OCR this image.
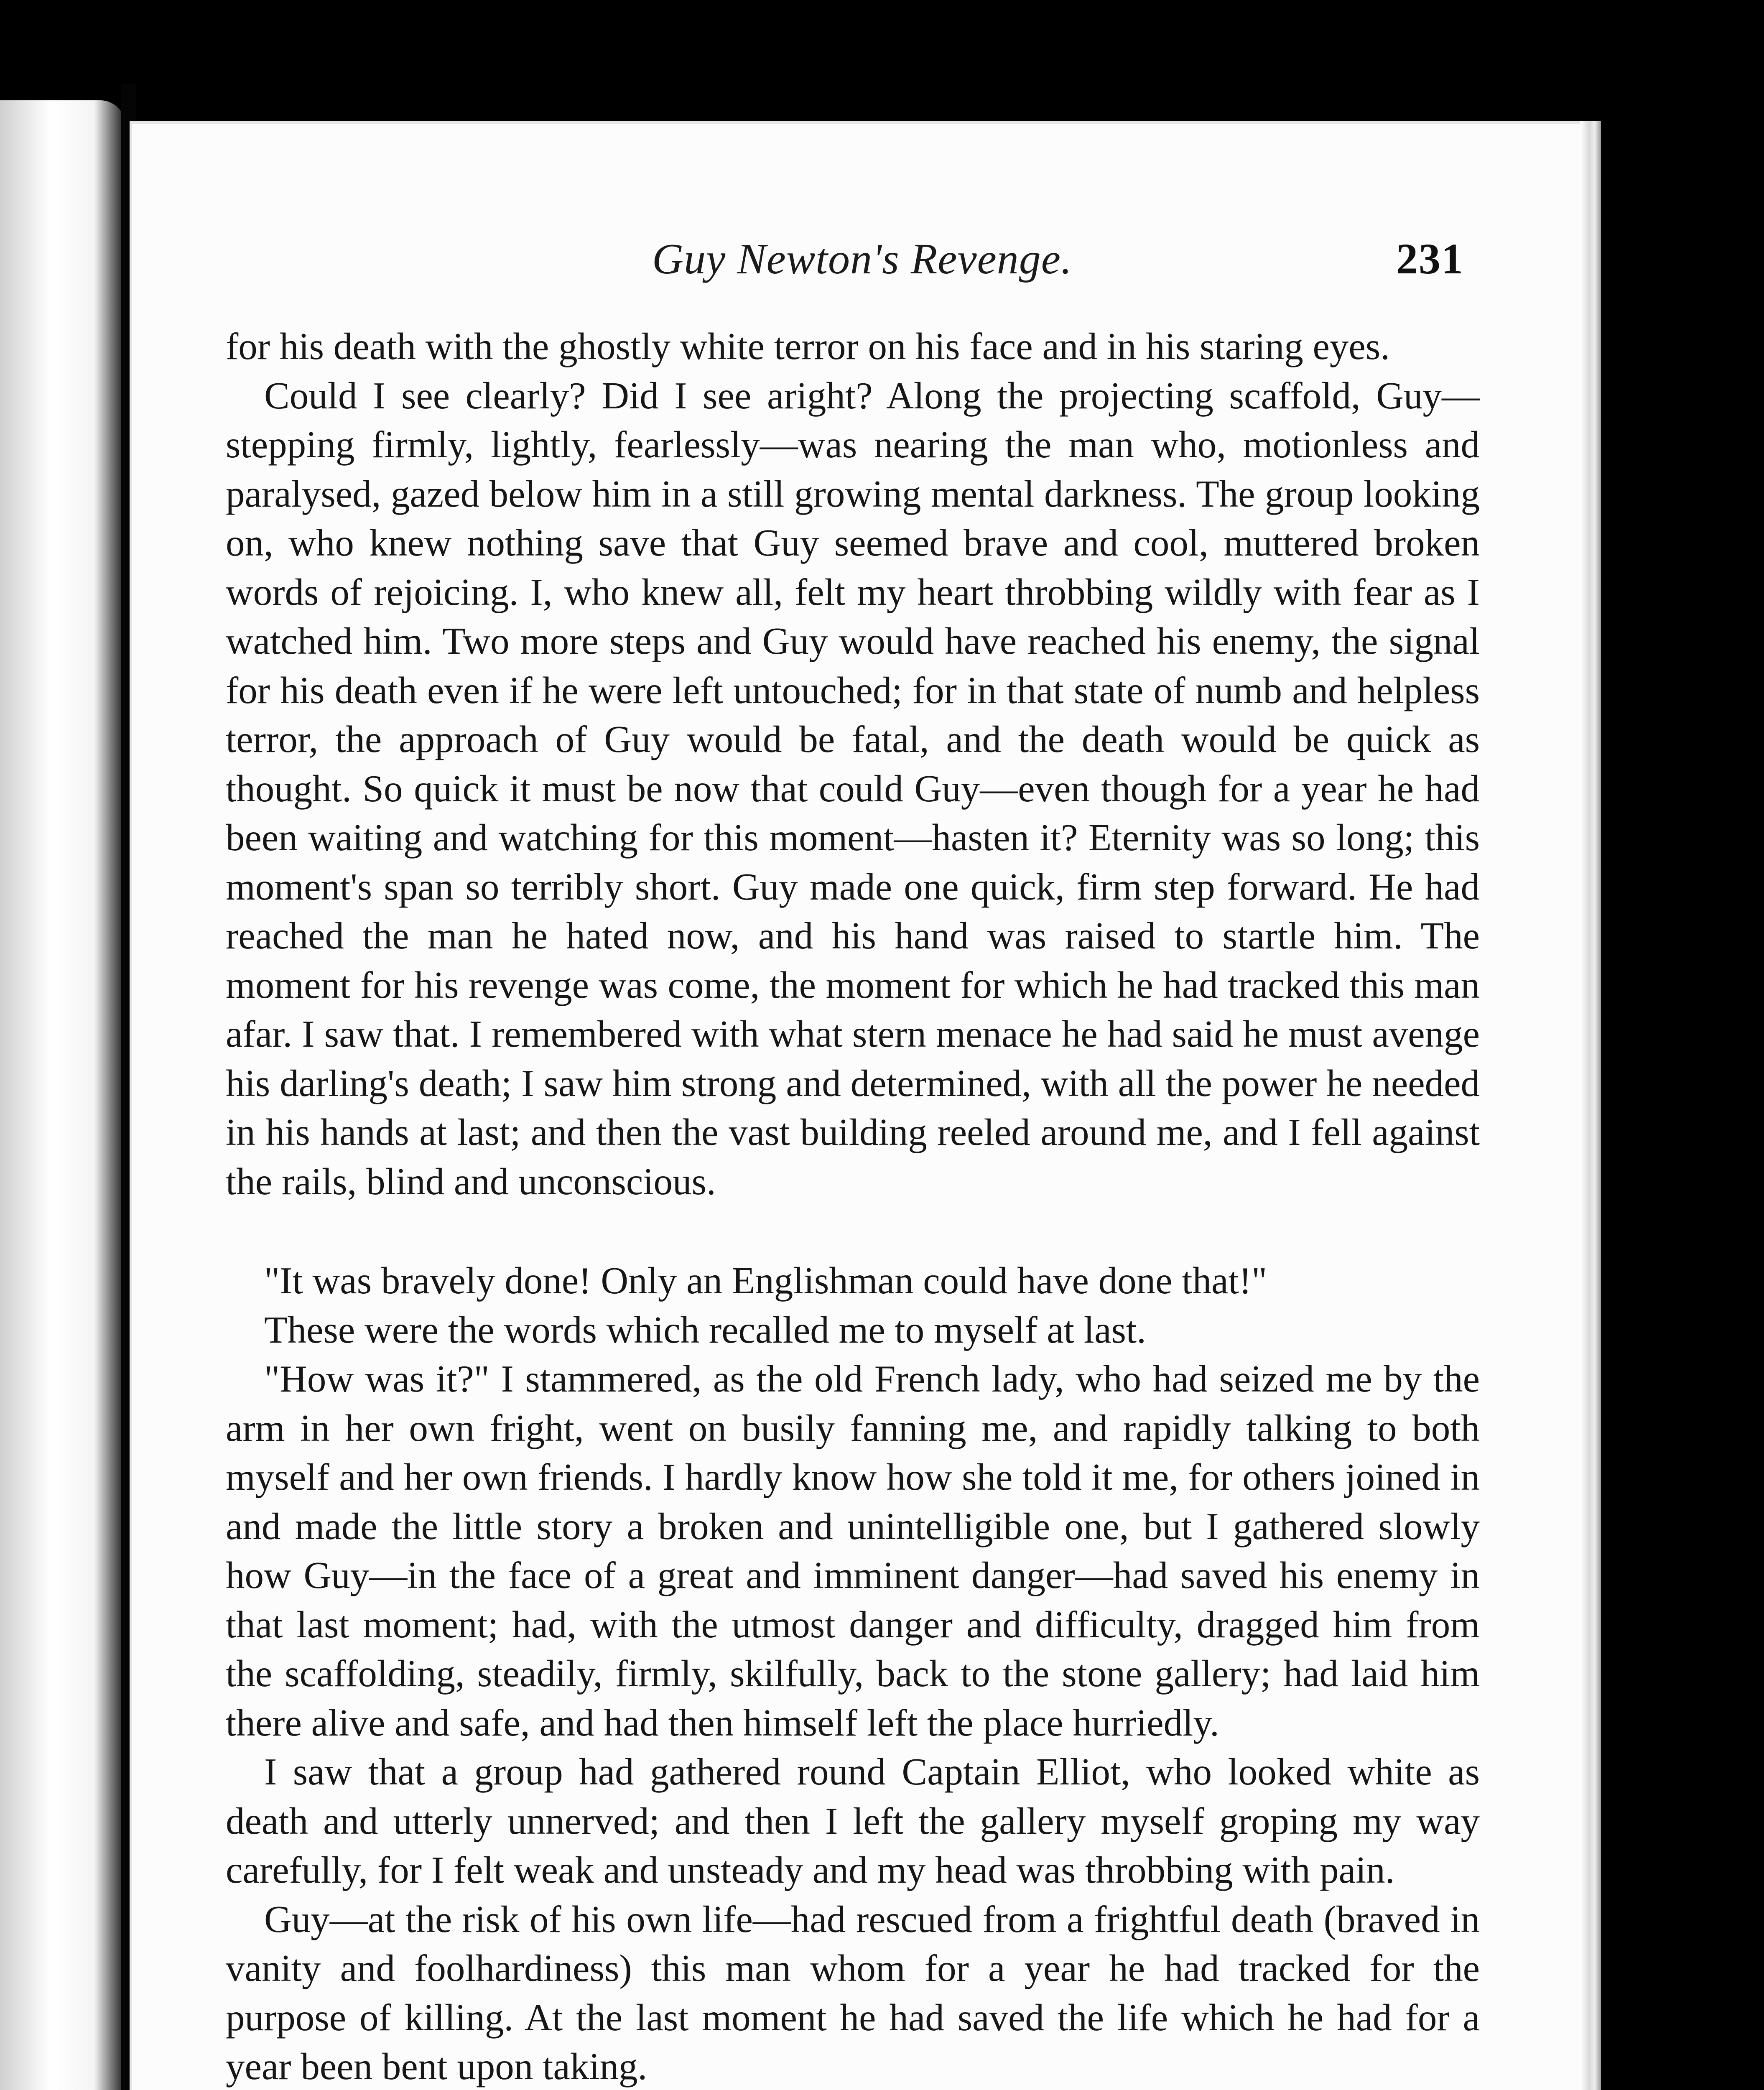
Guy Newton's Revenge.	231

for his death with the ghostly white terror on his face and in his staring eyes.

Could I see clearly? Did I see aright? Along the projecting scaffold, Guy—stepping firmly, lightly, fearlessly—was nearing the man who, motionless and paralysed, gazed below him in a still growing mental darkness. The group looking on, who knew nothing save that Guy seemed brave and cool, muttered broken words of rejoicing. I, who knew all, felt my heart throbbing wildly with fear as I watched him. Two more steps and Guy would have reached his enemy, the signal for his death even if he were left untouched; for in that state of numb and helpless terror, the approach of Guy would be fatal, and the death would be quick as thought. So quick it must be now that could Guy—even though for a year he had been waiting and watching for this moment—hasten it? Eternity was so long; this moment's span so terribly short. Guy made one quick, firm step forward. He had reached the man he hated now, and his hand was raised to startle him. The moment for his revenge was come, the moment for which he had tracked this man afar. I saw that. I remembered with what stern menace he had said he must avenge his darling's death; I saw him strong and determined, with all the power he needed in his hands at last; and then the vast building reeled around me, and I fell against the rails, blind and unconscious.

"It was bravely done! Only an Englishman could have done that!"

These were the words which recalled me to myself at last.

"How was it?" I stammered, as the old French lady, who had seized me by the arm in her own fright, went on busily fanning me, and rapidly talking to both myself and her own friends. I hardly know how she told it me, for others joined in and made the little story a broken and unintelligible one, but I gathered slowly how Guy—in the face of a great and imminent danger—had saved his enemy in that last moment; had, with the utmost danger and difficulty, dragged him from the scaffolding, steadily, firmly, skilfully, back to the stone gallery; had laid him there alive and safe, and had then himself left the place hurriedly.

I saw that a group had gathered round Captain Elliot, who looked white as death and utterly unnerved; and then I left the gallery myself groping my way carefully, for I felt weak and unsteady and my head was throbbing with pain.

Guy—at the risk of his own life—had rescued from a frightful death (braved in vanity and foolhardiness) this man whom for a year he had tracked for the purpose of killing. At the last moment he had saved the life which he had for a year been bent upon taking.
